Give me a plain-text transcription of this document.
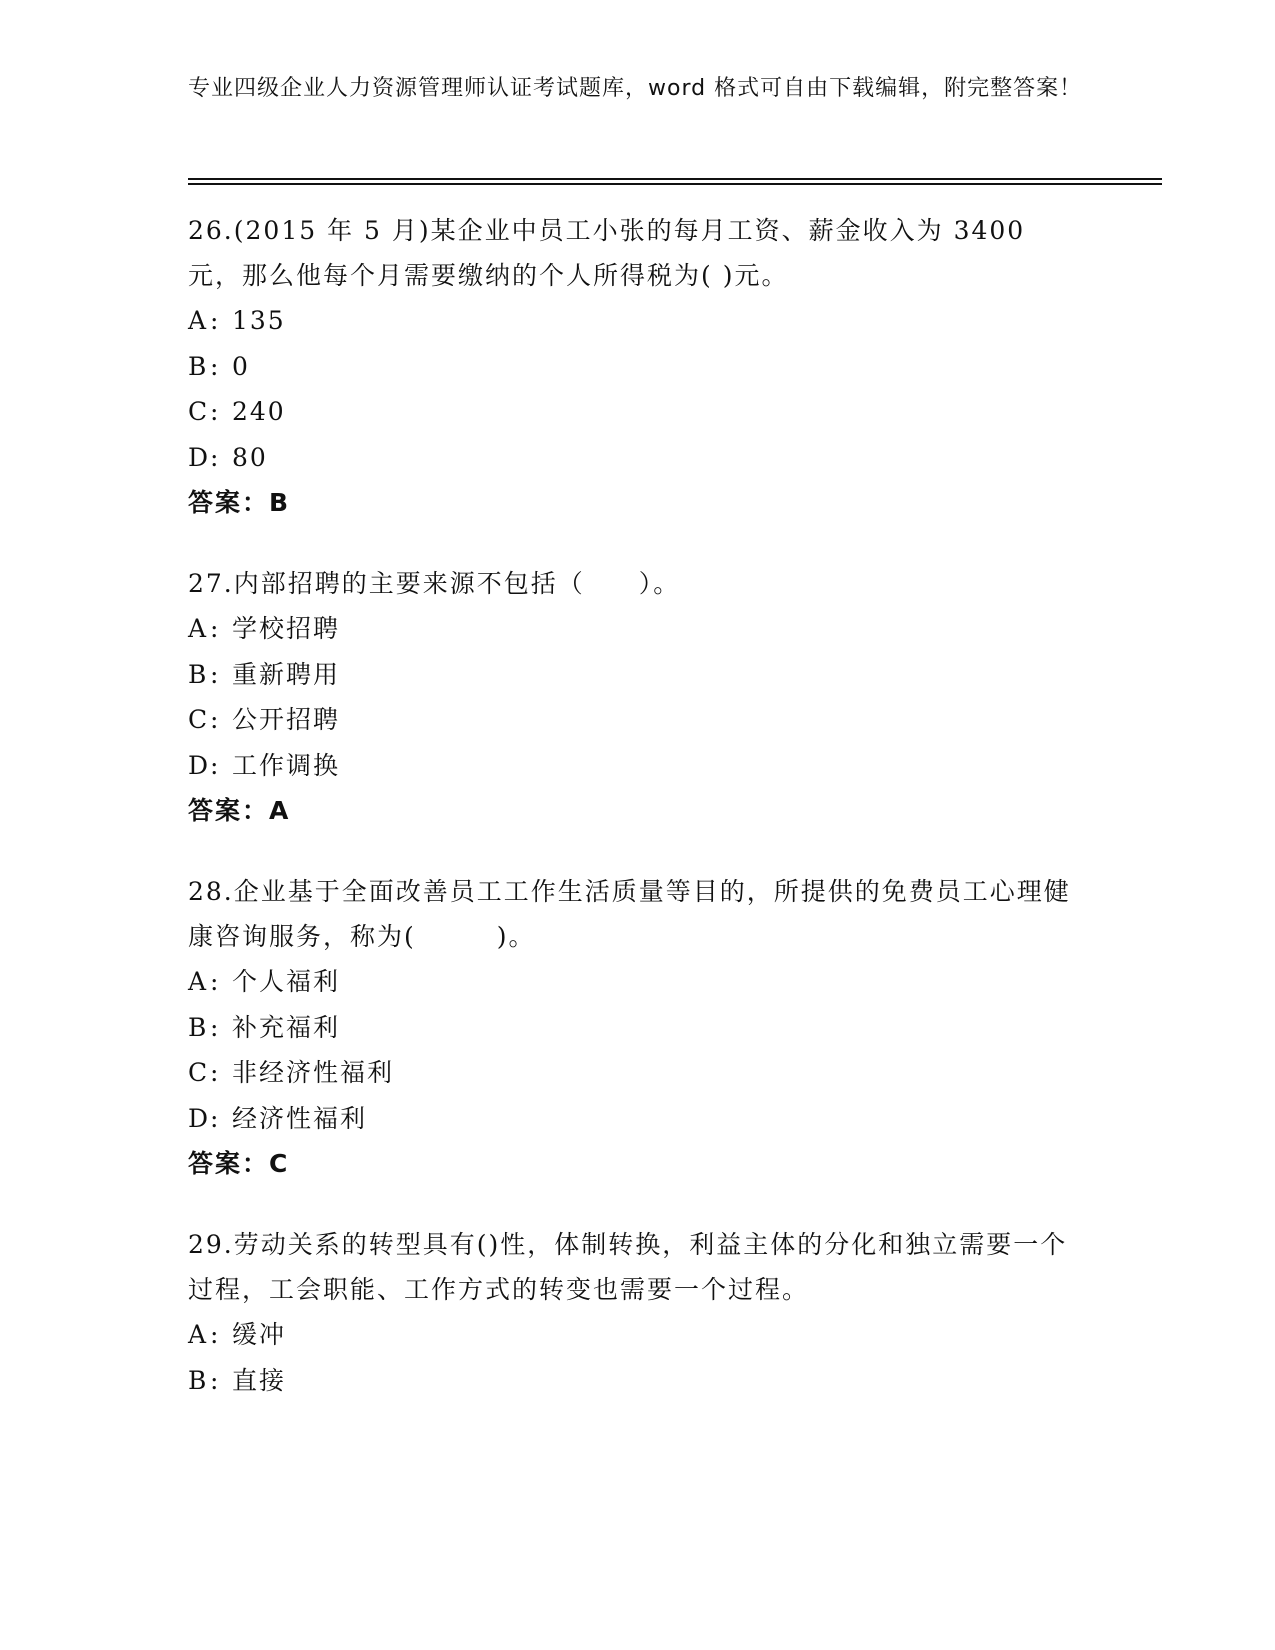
专业四级企业人力资源管理师认证考试题库，word 格式可自由下载编辑，附完整答案！

26.(2015 年 5 月)某企业中员工小张的每月工资、薪金收入为 3400 元，那么他每个月需要缴纳的个人所得税为( )元。

A: 135
B: 0
C: 240
D: 80
答案：B

27.内部招聘的主要来源不包括（　　）。

A: 学校招聘
B: 重新聘用
C: 公开招聘
D: 工作调换
答案：A

28.企业基于全面改善员工工作生活质量等目的，所提供的免费员工心理健康咨询服务，称为(　　　)。

A: 个人福利
B: 补充福利
C: 非经济性福利
D: 经济性福利
答案：C

29.劳动关系的转型具有()性，体制转换，利益主体的分化和独立需要一个过程，工会职能、工作方式的转变也需要一个过程。

A: 缓冲
B: 直接
